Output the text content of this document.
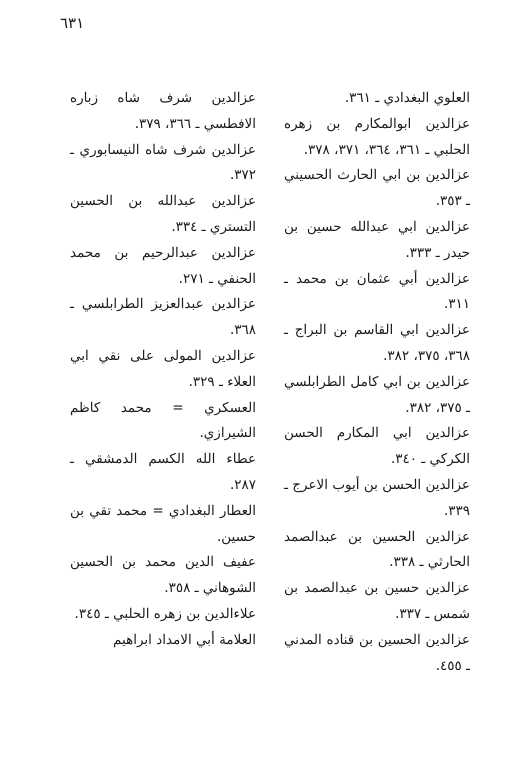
٦٣١
العلوي البغدادي ـ ٣٦١.
عزالدين ابوالمكارم بن زهره الحلبي ـ ٣٦١، ٣٦٤، ٣٧١، ٣٧٨.
عزالدين بن ابي الحارث الحسيني ـ ٣٥٣.
عزالدين ابي عبدالله حسين بن حيدر ـ ٣٣٣.
عزالدين أبي عثمان بن محمد ـ ٣١١.
عزالدين ابي القاسم بن البراج ـ ٣٦٨، ٣٧٥، ٣٨٢.
عزالدين بن ابي كامل الطرابلسي ـ ٣٧٥، ٣٨٢.
عزالدين ابي المكارم الحسن الكركي ـ ٣٤٠.
عزالدين الحسن بن أيوب الاعرج ـ ٣٣٩.
عزالدين الحسين بن عبدالصمد الحارثي ـ ٣٣٨.
عزالدين حسين بن عبدالصمد بن شمس ـ ٣٣٧.
عزالدين الحسين بن قناده المدني ـ ٤٥٥.
عزالدين شرف شاه زباره الافطسي ـ ٣٦٦، ٣٧٩.
عزالدين شرف شاه النيسابوري ـ ٣٧٢.
عزالدين عبدالله بن الحسين التستري ـ ٣٣٤.
عزالدين عبدالرحيم بن محمد الحنفي ـ ٢٧١.
عزالدين عبدالعزيز الطرابلسي ـ ٣٦٨.
عزالدين المولى على نقي ابي العلاء ـ ٣٢٩.
العسكري = محمد كاظم الشيرازي.
عطاء الله الكسم الدمشقي ـ ٢٨٧.
العطار البغدادي = محمد تقي بن حسين.
عفيف الدين محمد بن الحسين الشوهاني ـ ٣٥٨.
علاءالدين بن زهره الحلبي ـ ٣٤٥.
العلامة أبي الامداد ابراهيم
